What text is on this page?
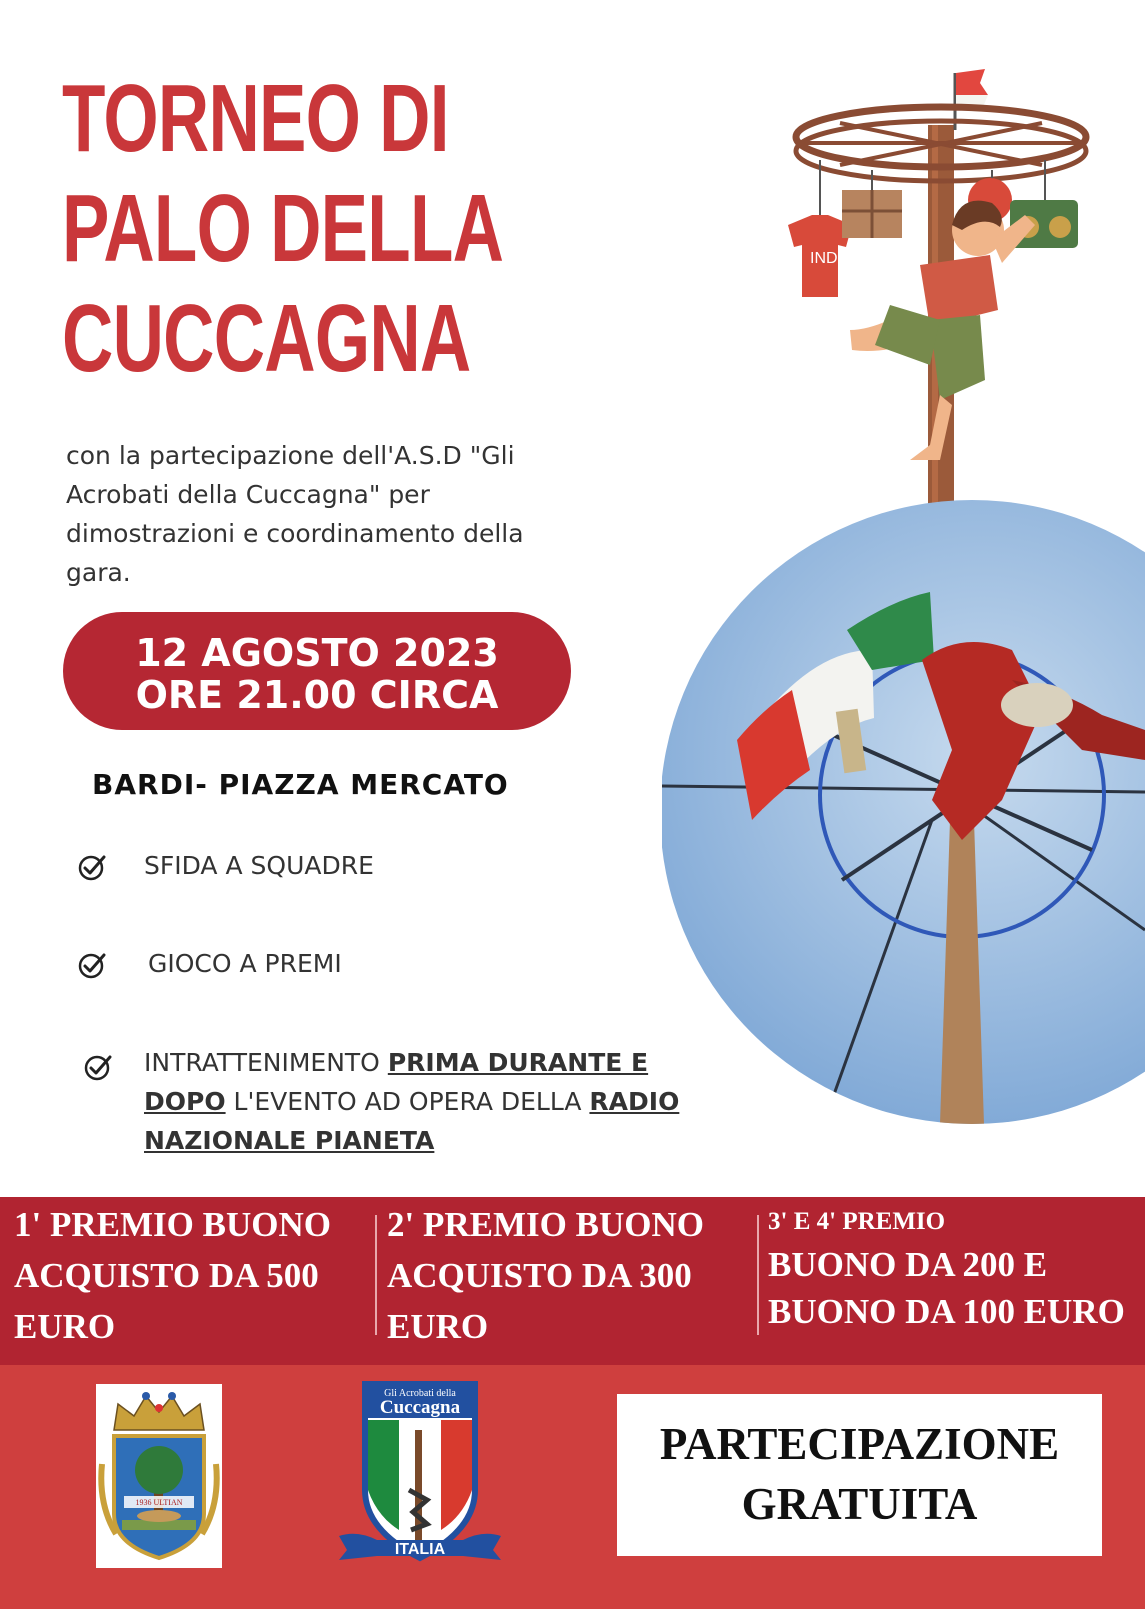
TORNEO DI
PALO DELLA
CUCCAGNA
con la partecipazione dell'A.S.D "Gli Acrobati della Cuccagna" per dimostrazioni e coordinamento della gara.
12 AGOSTO 2023
ORE 21.00 CIRCA
BARDI- PIAZZA MERCATO
SFIDA A SQUADRE
GIOCO A PREMI
INTRATTENIMENTO PRIMA DURANTE E DOPO L'EVENTO AD OPERA DELLA RADIO NAZIONALE PIANETA
IND
1' PREMIO BUONO ACQUISTO DA 500 EURO
2' PREMIO BUONO ACQUISTO DA 300 EURO
3' E 4' PREMIO
BUONO DA 200 E BUONO DA 100 EURO
1936 ULTIAN
Gli Acrobati della
Cuccagna
ITALIA
PARTECIPAZIONE
GRATUITA
